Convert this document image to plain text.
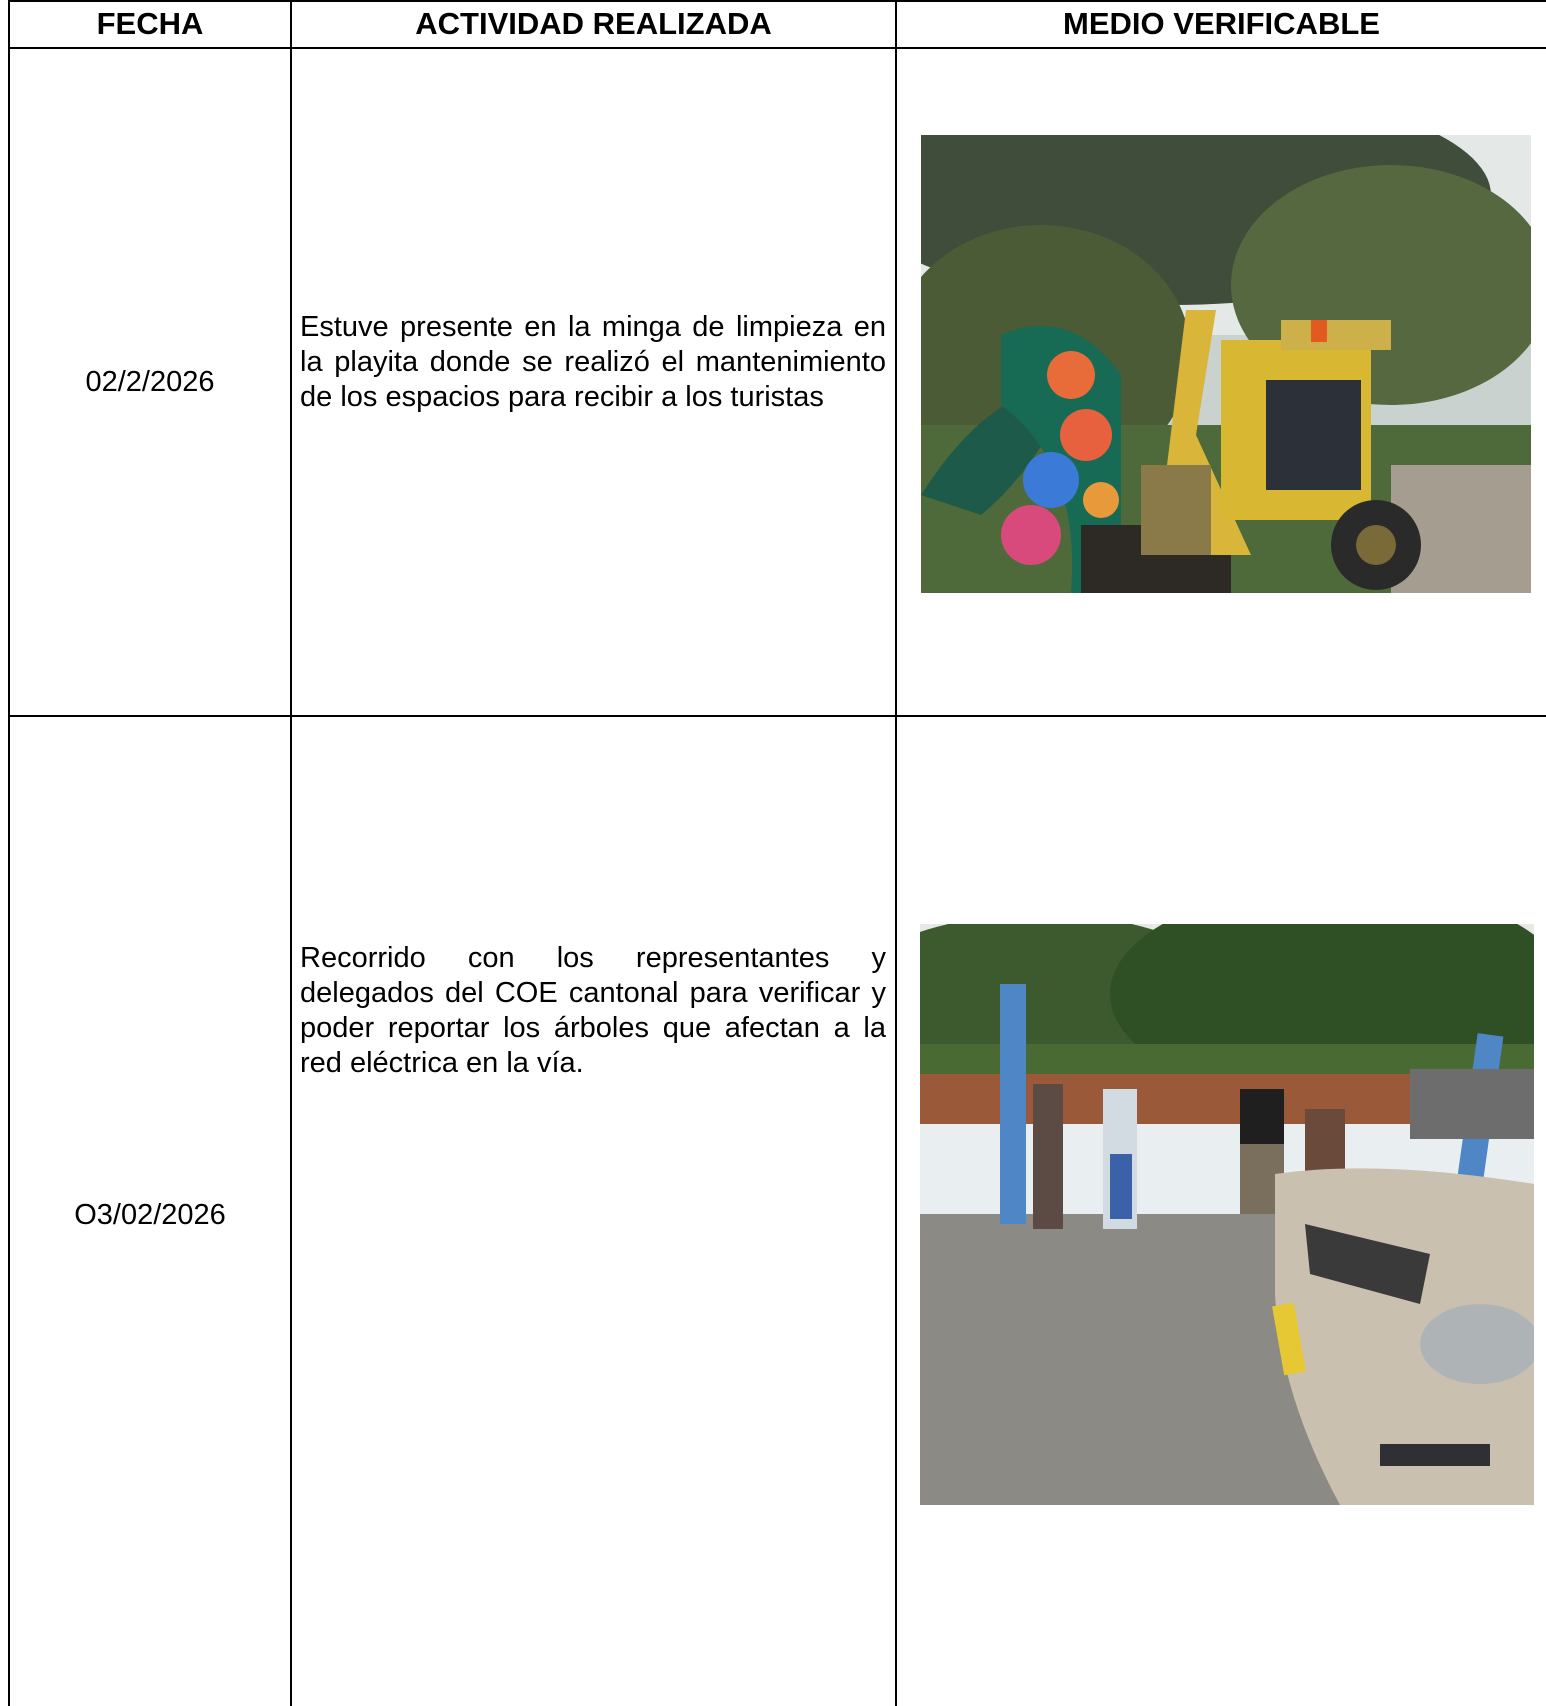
FECHA	ACTIVIDAD REALIZADA	MEDIO VERIFICABLE
02/2/2026
Estuve presente en la minga de limpieza en la playita donde se realizó el mantenimiento de los espacios para recibir a los turistas
O3/02/2026
Recorrido con los representantes y delegados del COE cantonal para verificar y poder reportar los árboles que afectan a la red eléctrica en la vía.
